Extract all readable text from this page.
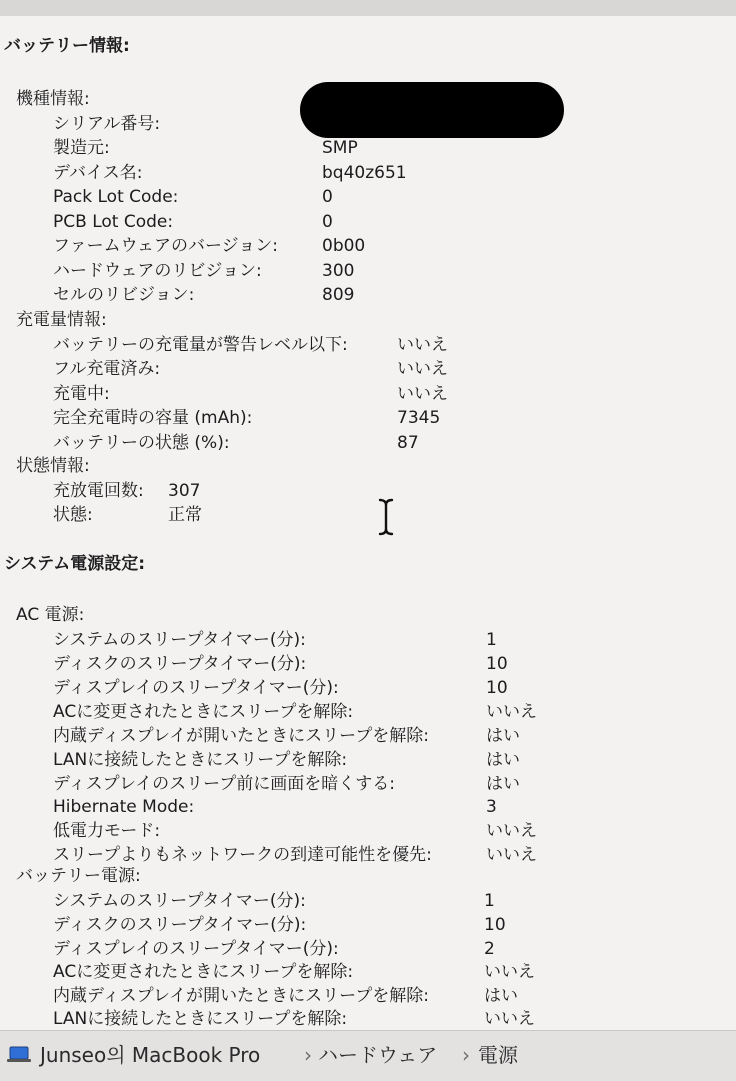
バッテリー情報:
機種情報:
シリアル番号:
製造元:	SMP
デバイス名:	bq40z651
Pack Lot Code:	0
PCB Lot Code:	0
ファームウェアのバージョン:	0b00
ハードウェアのリビジョン:	300
セルのリビジョン:	809
充電量情報:
バッテリーの充電量が警告レベル以下:	いいえ
フル充電済み:	いいえ
充電中:	いいえ
完全充電時の容量 (mAh):	7345
バッテリーの状態 (%):	87
状態情報:
充放電回数: 307
状態:	正常
システム電源設定:
AC 電源:
システムのスリープタイマー(分):	1
ディスクのスリープタイマー(分):	10
ディスプレイのスリープタイマー(分):	10
ACに変更されたときにスリープを解除:	いいえ
内蔵ディスプレイが開いたときにスリープを解除:	はい
LANに接続したときにスリープを解除:	はい
ディスプレイのスリープ前に画面を暗くする:	はい
Hibernate Mode:	3
低電力モード:	いいえ
スリープよりもネットワークの到達可能性を優先:	いいえ
バッテリー電源:
システムのスリープタイマー(分):	1
ディスクのスリープタイマー(分):	10
ディスプレイのスリープタイマー(分):	2
ACに変更されたときにスリープを解除:	いいえ
内蔵ディスプレイが開いたときにスリープを解除:	はい
LANに接続したときにスリープを解除:	いいえ
Junseo의 MacBook Pro › ハードウェア › 電源
